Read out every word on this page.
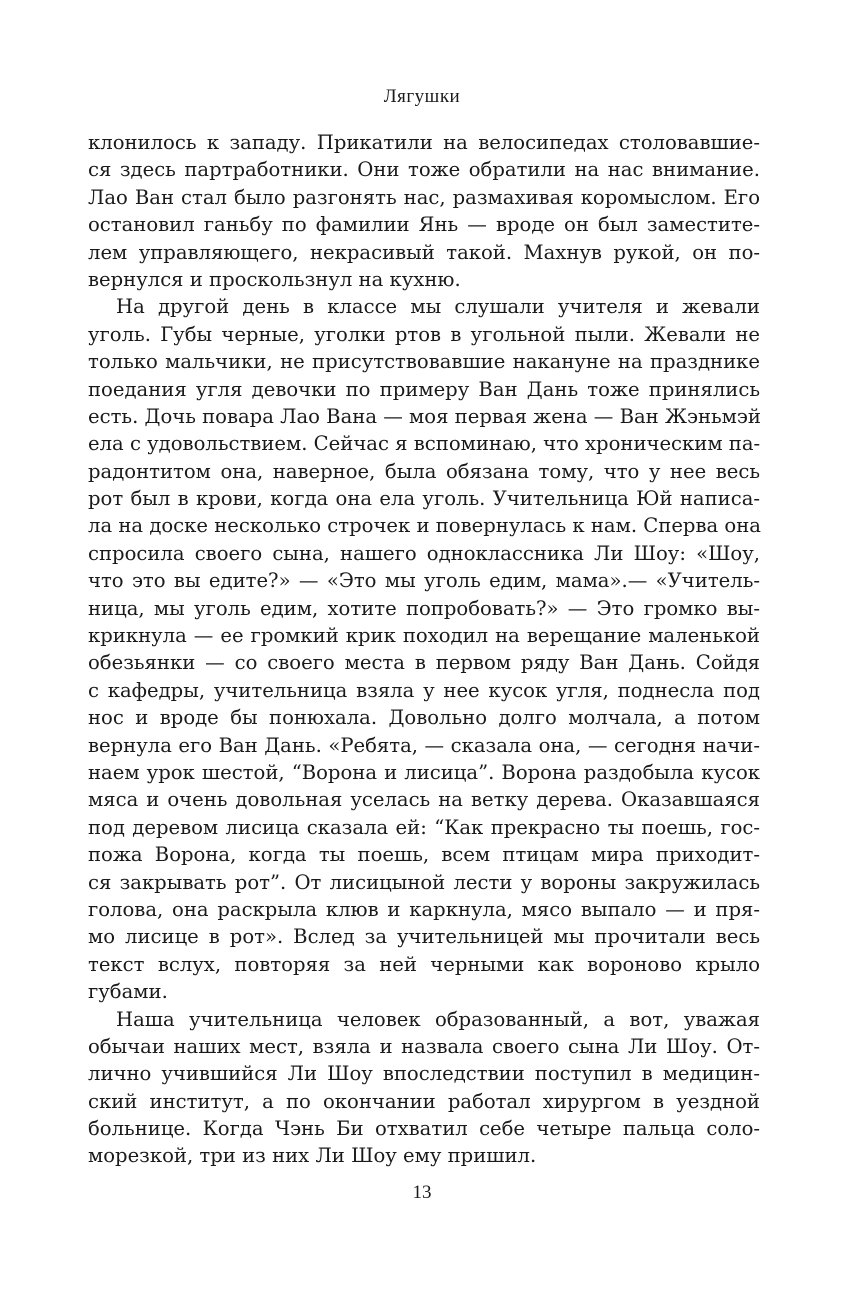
Лягушки
клонилось к западу. Прикатили на велосипедах столовавшие-
ся здесь партработники. Они тоже обратили на нас внимание.
Лао Ван стал было разгонять нас, размахивая коромыслом. Его
остановил ганьбу по фамилии Янь — вроде он был заместите-
лем управляющего, некрасивый такой. Махнув рукой, он по-
вернулся и проскользнул на кухню.
На другой день в классе мы слушали учителя и жевали
уголь. Губы черные, уголки ртов в угольной пыли. Жевали не
только мальчики, не присутствовавшие накануне на празднике
поедания угля девочки по примеру Ван Дань тоже принялись
есть. Дочь повара Лао Вана — моя первая жена — Ван Жэньмэй
ела с удовольствием. Сейчас я вспоминаю, что хроническим па-
радонтитом она, наверное, была обязана тому, что у нее весь
рот был в крови, когда она ела уголь. Учительница Юй написа-
ла на доске несколько строчек и повернулась к нам. Сперва она
спросила своего сына, нашего одноклассника Ли Шоу: «Шоу,
что это вы едите?» — «Это мы уголь едим, мама».— «Учитель-
ница, мы уголь едим, хотите попробовать?» — Это громко вы-
крикнула — ее громкий крик походил на верещание маленькой
обезьянки — со своего места в первом ряду Ван Дань. Сойдя
с кафедры, учительница взяла у нее кусок угля, поднесла под
нос и вроде бы понюхала. Довольно долго молчала, а потом
вернула его Ван Дань. «Ребята, — сказала она, — сегодня начи-
наем урок шестой, “Ворона и лисица”. Ворона раздобыла кусок
мяса и очень довольная уселась на ветку дерева. Оказавшаяся
под деревом лисица сказала ей: “Как прекрасно ты поешь, гос-
пожа Ворона, когда ты поешь, всем птицам мира приходит-
ся закрывать рот”. От лисицыной лести у вороны закружилась
голова, она раскрыла клюв и каркнула, мясо выпало — и пря-
мо лисице в рот». Вслед за учительницей мы прочитали весь
текст вслух, повторяя за ней черными как вороново крыло
губами.
Наша учительница человек образованный, а вот, уважая
обычаи наших мест, взяла и назвала своего сына Ли Шоу. От-
лично учившийся Ли Шоу впоследствии поступил в медицин-
ский институт, а по окончании работал хирургом в уездной
больнице. Когда Чэнь Би отхватил себе четыре пальца соло-
морезкой, три из них Ли Шоу ему пришил.
13
